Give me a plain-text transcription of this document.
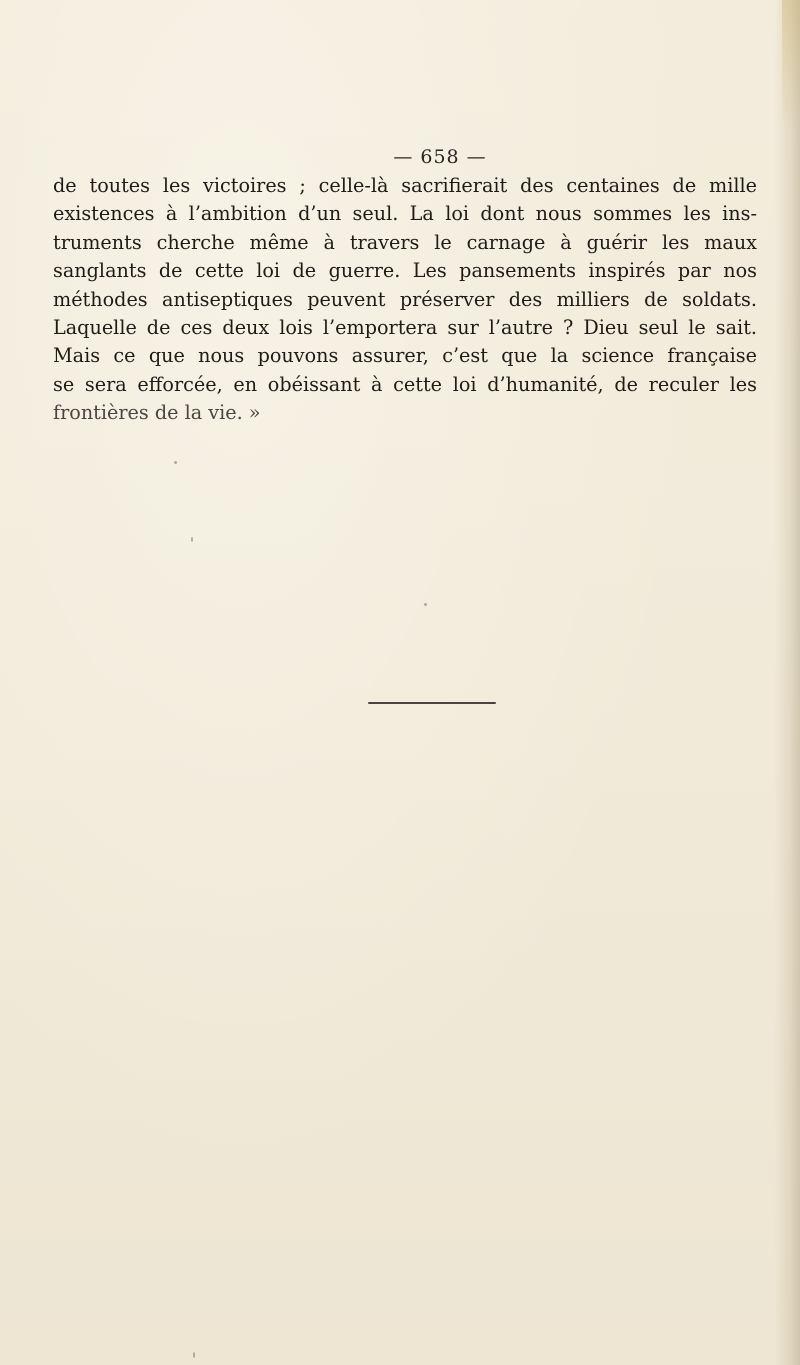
— 658 —
de toutes les victoires ; celle-là sacrifierait des centaines de mille
existences à l’ambition d’un seul. La loi dont nous sommes les ins-
truments cherche même à travers le carnage à guérir les maux
sanglants de cette loi de guerre. Les pansements inspirés par nos
méthodes antiseptiques peuvent préserver des milliers de soldats.
Laquelle de ces deux lois l’emportera sur l’autre ? Dieu seul le sait.
Mais ce que nous pouvons assurer, c’est que la science française
se sera efforcée, en obéissant à cette loi d’humanité, de reculer les
frontières de la vie. »
